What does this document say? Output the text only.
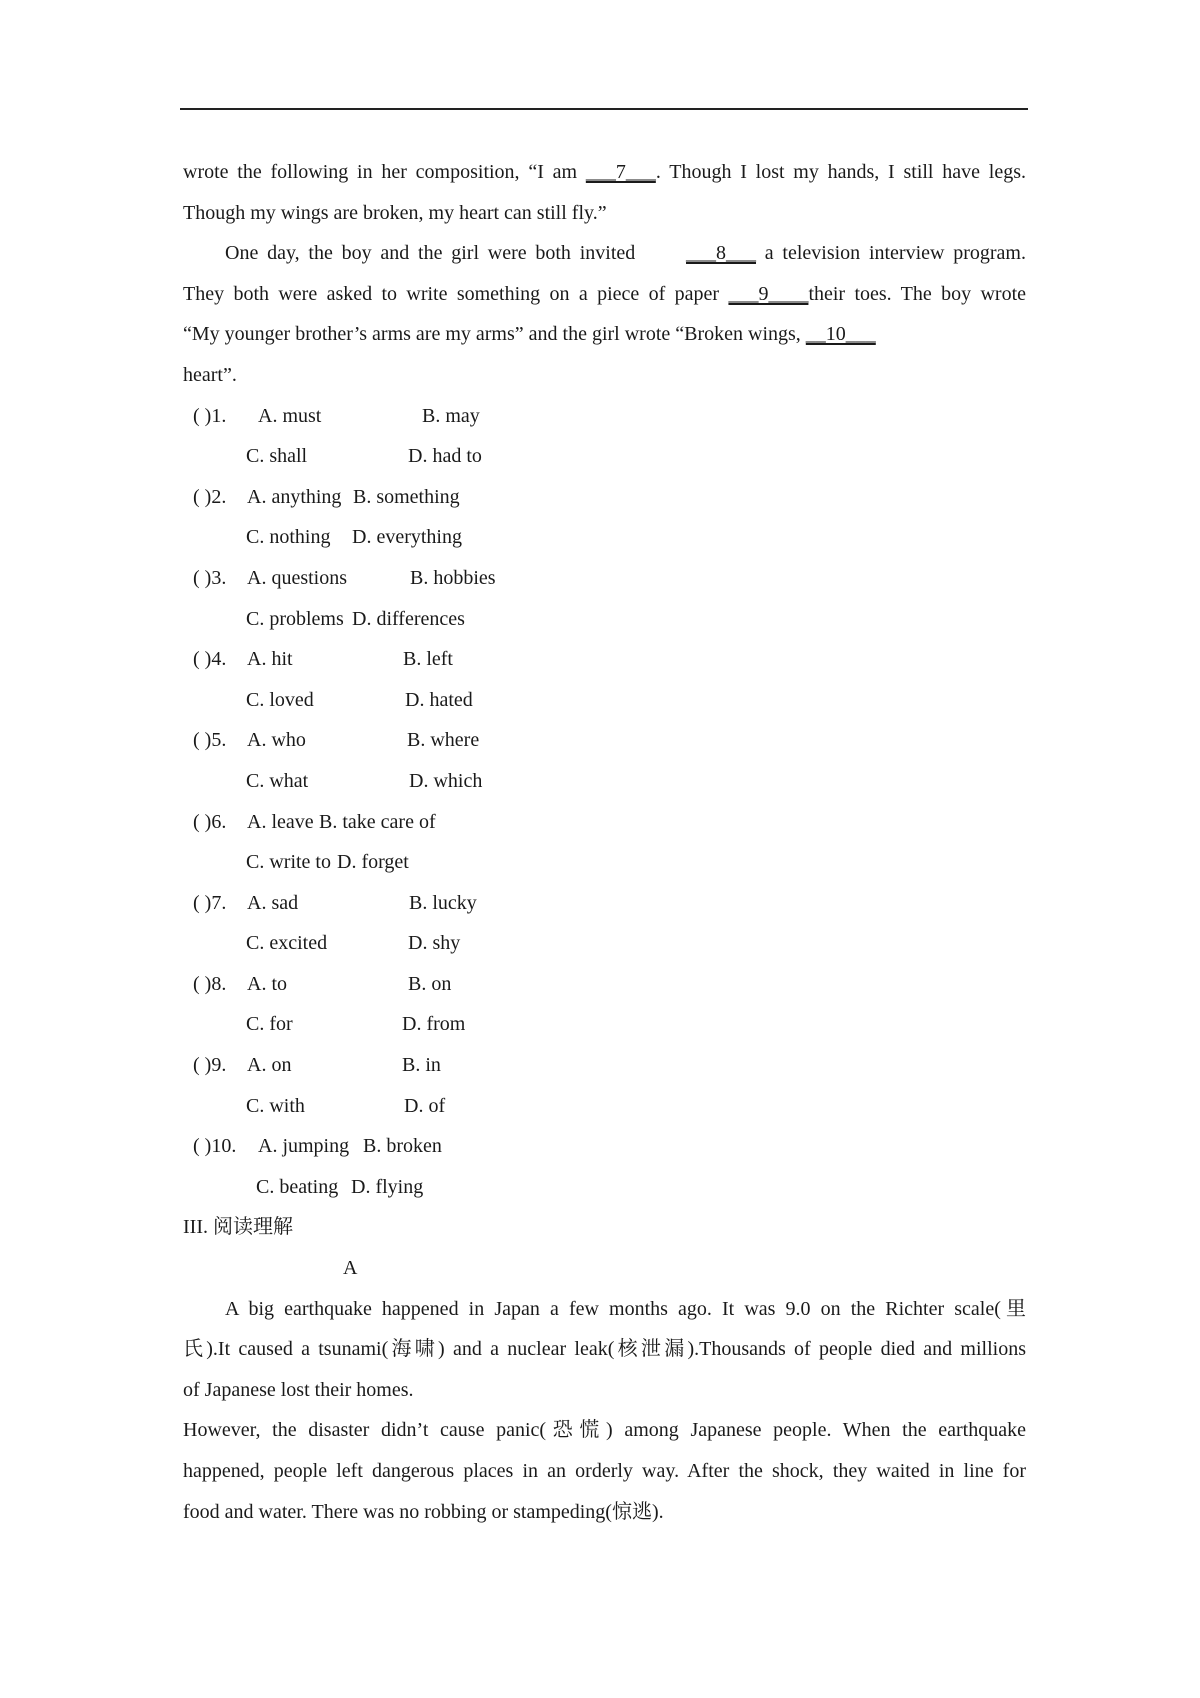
wrote the following in her composition, “I am ___7___. Though I lost my hands, I still have legs.

Though my wings are broken, my heart can still fly.”

One day, the boy and the girl were both invited ___8___ a television interview program.

They both were asked to write something on a piece of paper ___9____their toes. The boy wrote

“My younger brother’s arms are my arms” and the girl wrote “Broken wings, __10___

heart”.

( )1. A. must	B. may
C. shall	D. had to
( )2. A. anything B. something
C. nothing D. everything
( )3. A. questions	B. hobbies
C. problems D. differences
( )4. A. hit	B. left
C. loved	D. hated
( )5. A. who	B. where
C. what	D. which
( )6. A. leave B. take care of
C. write to D. forget
( )7. A. sad	B. lucky
C. excited	D. shy
( )8. A. to	B. on
C. for	D. from
( )9. A. on	B. in
C. with	D. of
( )10. A. jumping B. broken
C. beating D. flying

III. 阅读理解

A

A big earthquake happened in Japan a few months ago. It was 9.0 on the Richter scale(里

氏).It caused a tsunami(海啸) and a nuclear leak(核泄漏).Thousands of people died and millions

of Japanese lost their homes.

However, the disaster didn’t cause panic(恐慌) among Japanese people. When the earthquake

happened, people left dangerous places in an orderly way. After the shock, they waited in line for

food and water. There was no robbing or stampeding(惊逃).
